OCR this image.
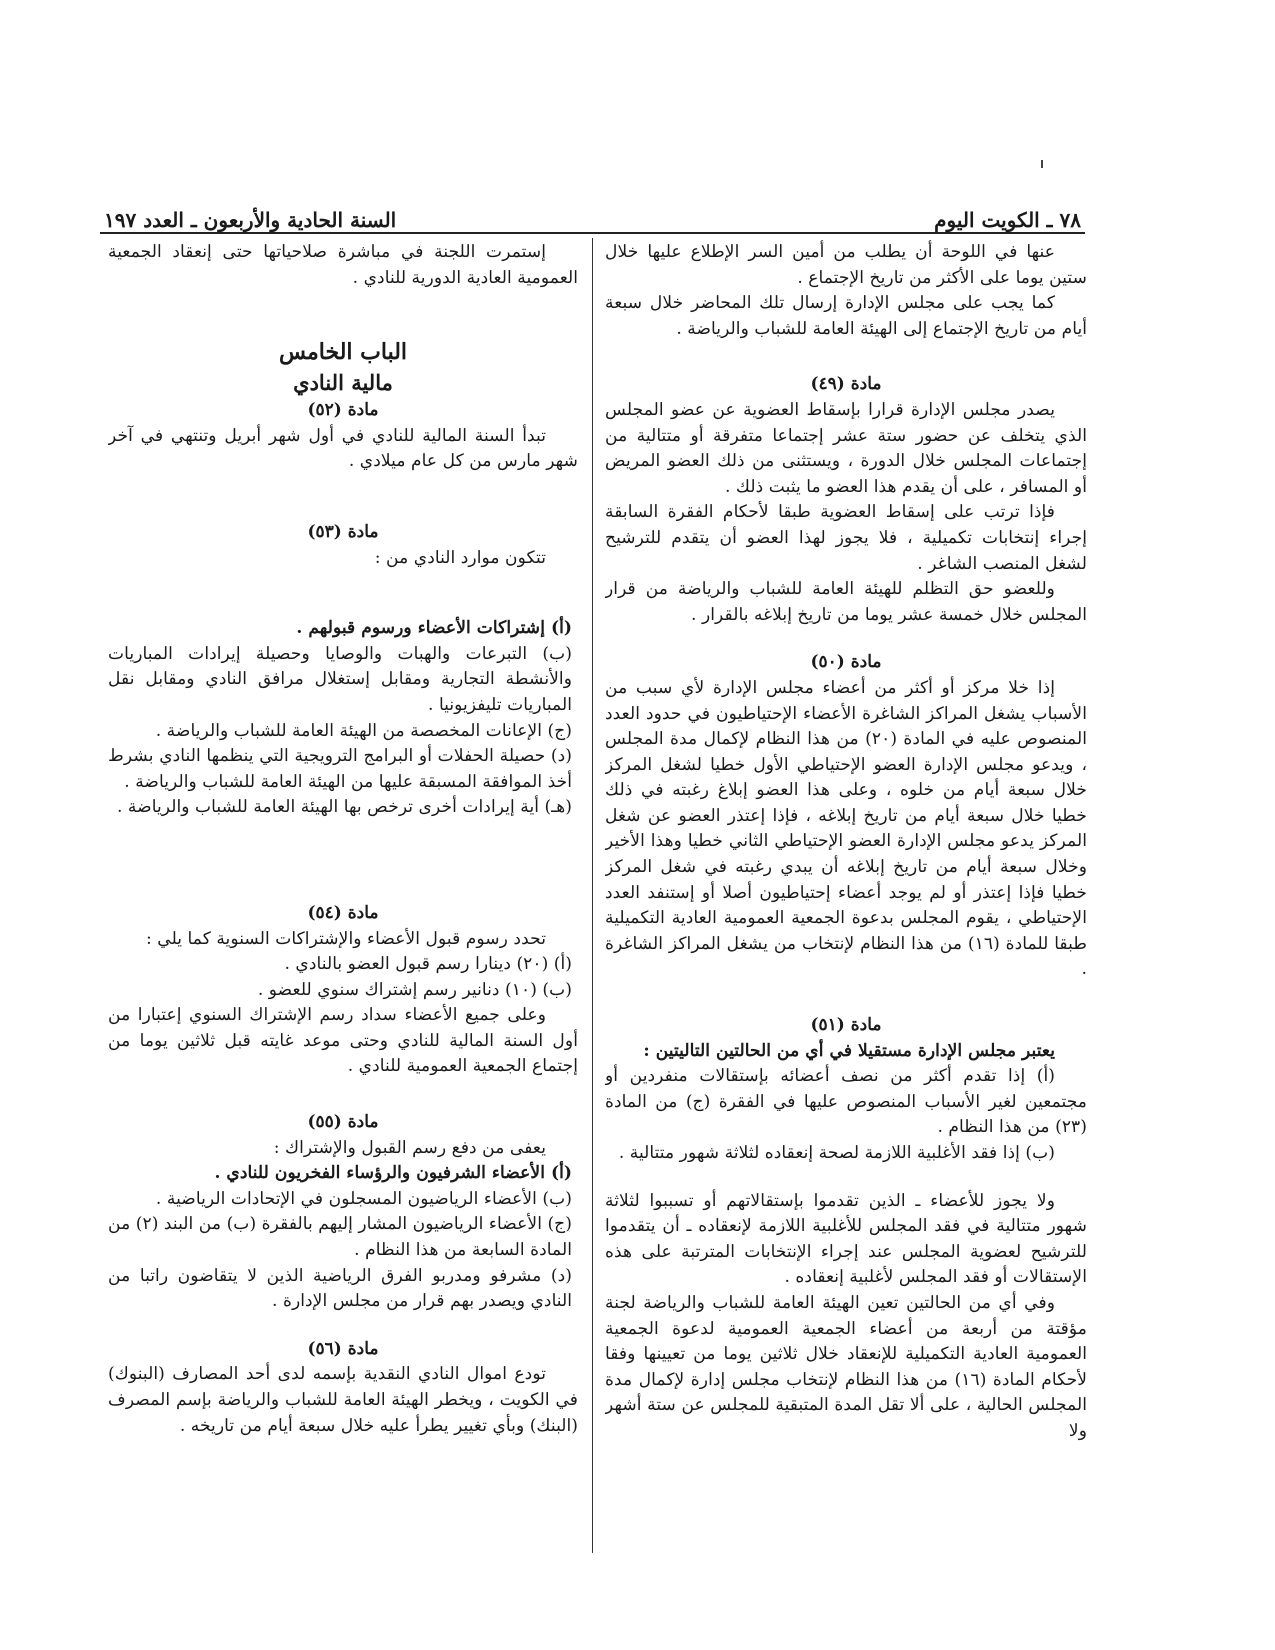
٧٨ ـ الكويت اليوم
السنة الحادية والأربعون ـ العدد ١٩٧

عنها في اللوحة أن يطلب من أمين السر الإطلاع عليها خلال ستين يوما على الأكثر من تاريخ الإجتماع .

كما يجب على مجلس الإدارة إرسال تلك المحاضر خلال سبعة أيام من تاريخ الإجتماع إلى الهيئة العامة للشباب والرياضة .

مادة (٤٩)

يصدر مجلس الإدارة قرارا بإسقاط العضوية عن عضو المجلس الذي يتخلف عن حضور ستة عشر إجتماعا متفرقة أو متتالية من إجتماعات المجلس خلال الدورة ، ويستثنى من ذلك العضو المريض أو المسافر ، على أن يقدم هذا العضو ما يثبت ذلك .

فإذا ترتب على إسقاط العضوية طبقا لأحكام الفقرة السابقة إجراء إنتخابات تكميلية ، فلا يجوز لهذا العضو أن يتقدم للترشيح لشغل المنصب الشاغر .

وللعضو حق التظلم للهيئة العامة للشباب والرياضة من قرار المجلس خلال خمسة عشر يوما من تاريخ إبلاغه بالقرار .

مادة (٥٠)

إذا خلا مركز أو أكثر من أعضاء مجلس الإدارة لأي سبب من الأسباب يشغل المراكز الشاغرة الأعضاء الإحتياطيون في حدود العدد المنصوص عليه في المادة (٢٠) من هذا النظام لإكمال مدة المجلس ، ويدعو مجلس الإدارة العضو الإحتياطي الأول خطيا لشغل المركز خلال سبعة أيام من خلوه ، وعلى هذا العضو إبلاغ رغبته في ذلك خطيا خلال سبعة أيام من تاريخ إبلاغه ، فإذا إعتذر العضو عن شغل المركز يدعو مجلس الإدارة العضو الإحتياطي الثاني خطيا وهذا الأخير وخلال سبعة أيام من تاريخ إبلاغه أن يبدي رغبته في شغل المركز خطيا فإذا إعتذر أو لم يوجد أعضاء إحتياطيون أصلا أو إستنفد العدد الإحتياطي ، يقوم المجلس بدعوة الجمعية العمومية العادية التكميلية طبقا للمادة (١٦) من هذا النظام لإنتخاب من يشغل المراكز الشاغرة .

مادة (٥١)

يعتبر مجلس الإدارة مستقيلا في أي من الحالتين التاليتين :

(أ) إذا تقدم أكثر من نصف أعضائه بإستقالات منفردين أو مجتمعين لغير الأسباب المنصوص عليها في الفقرة (ج) من المادة (٢٣) من هذا النظام .

(ب) إذا فقد الأغلبية اللازمة لصحة إنعقاده لثلاثة شهور متتالية .

ولا يجوز للأعضاء ـ الذين تقدموا بإستقالاتهم أو تسببوا لثلاثة شهور متتالية في فقد المجلس للأغلبية اللازمة لإنعقاده ـ أن يتقدموا للترشيح لعضوية المجلس عند إجراء الإنتخابات المترتبة على هذه الإستقالات أو فقد المجلس لأغلبية إنعقاده .

وفي أي من الحالتين تعين الهيئة العامة للشباب والرياضة لجنة مؤقتة من أربعة من أعضاء الجمعية العمومية لدعوة الجمعية العمومية العادية التكميلية للإنعقاد خلال ثلاثين يوما من تعيينها وفقا لأحكام المادة (١٦) من هذا النظام لإنتخاب مجلس إدارة لإكمال مدة المجلس الحالية ، على ألا تقل المدة المتبقية للمجلس عن ستة أشهر ولا

إستمرت اللجنة في مباشرة صلاحياتها حتى إنعقاد الجمعية العمومية العادية الدورية للنادي .

الباب الخامس

مالية النادي

مادة (٥٢)

تبدأ السنة المالية للنادي في أول شهر أبريل وتنتهي في آخر شهر مارس من كل عام ميلادي .

مادة (٥٣)

تتكون موارد النادي من :

(أ) إشتراكات الأعضاء ورسوم قبولهم .

(ب) التبرعات والهبات والوصايا وحصيلة إيرادات المباريات والأنشطة التجارية ومقابل إستغلال مرافق النادي ومقابل نقل المباريات تليفزيونيا .

(ج) الإعانات المخصصة من الهيئة العامة للشباب والرياضة .

(د) حصيلة الحفلات أو البرامج الترويجية التي ينظمها النادي بشرط أخذ الموافقة المسبقة عليها من الهيئة العامة للشباب والرياضة .

(هـ) أية إيرادات أخرى ترخص بها الهيئة العامة للشباب والرياضة .

مادة (٥٤)

تحدد رسوم قبول الأعضاء والإشتراكات السنوية كما يلي :

(أ) (٢٠) دينارا رسم قبول العضو بالنادي .

(ب) (١٠) دنانير رسم إشتراك سنوي للعضو .

وعلى جميع الأعضاء سداد رسم الإشتراك السنوي إعتبارا من أول السنة المالية للنادي وحتى موعد غايته قبل ثلاثين يوما من إجتماع الجمعية العمومية للنادي .

مادة (٥٥)

يعفى من دفع رسم القبول والإشتراك :

(أ) الأعضاء الشرفيون والرؤساء الفخريون للنادي .

(ب) الأعضاء الرياضيون المسجلون في الإتحادات الرياضية .

(ج) الأعضاء الرياضيون المشار إليهم بالفقرة (ب) من البند (٢) من المادة السابعة من هذا النظام .

(د) مشرفو ومدربو الفرق الرياضية الذين لا يتقاضون راتبا من النادي ويصدر بهم قرار من مجلس الإدارة .

مادة (٥٦)

تودع اموال النادي النقدية بإسمه لدى أحد المصارف (البنوك) في الكويت ، ويخطر الهيئة العامة للشباب والرياضة بإسم المصرف (البنك) وبأي تغيير يطرأ عليه خلال سبعة أيام من تاريخه .
